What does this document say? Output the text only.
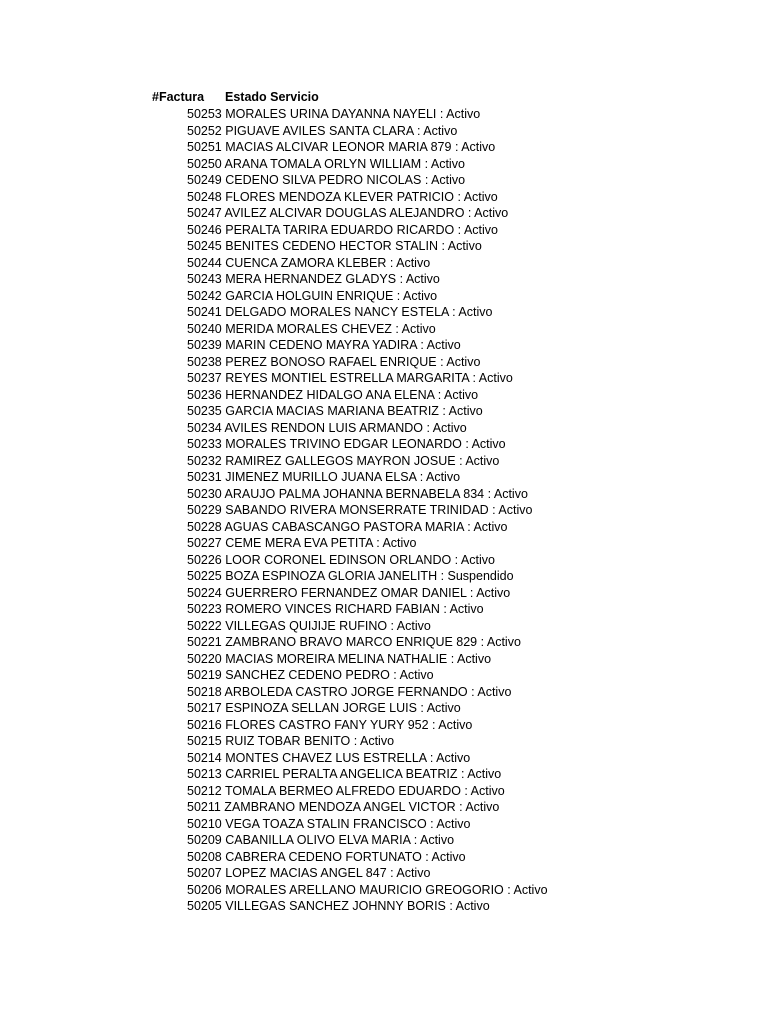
#Factura Estado Servicio
50253 MORALES URINA DAYANNA NAYELI : Activo
50252 PIGUAVE AVILES SANTA CLARA : Activo
50251 MACIAS ALCIVAR LEONOR MARIA 879 : Activo
50250 ARANA TOMALA ORLYN WILLIAM : Activo
50249 CEDENO SILVA PEDRO NICOLAS : Activo
50248 FLORES MENDOZA KLEVER PATRICIO : Activo
50247 AVILEZ ALCIVAR DOUGLAS ALEJANDRO : Activo
50246 PERALTA TARIRA EDUARDO RICARDO : Activo
50245 BENITES CEDENO HECTOR STALIN : Activo
50244 CUENCA ZAMORA KLEBER : Activo
50243 MERA HERNANDEZ GLADYS : Activo
50242 GARCIA HOLGUIN ENRIQUE : Activo
50241 DELGADO MORALES NANCY ESTELA : Activo
50240 MERIDA MORALES CHEVEZ : Activo
50239 MARIN CEDENO MAYRA YADIRA : Activo
50238 PEREZ BONOSO RAFAEL ENRIQUE : Activo
50237 REYES MONTIEL ESTRELLA MARGARITA : Activo
50236 HERNANDEZ HIDALGO ANA ELENA : Activo
50235 GARCIA MACIAS MARIANA BEATRIZ : Activo
50234 AVILES RENDON LUIS ARMANDO : Activo
50233 MORALES TRIVINO EDGAR LEONARDO : Activo
50232 RAMIREZ GALLEGOS MAYRON JOSUE : Activo
50231 JIMENEZ MURILLO JUANA ELSA : Activo
50230 ARAUJO PALMA JOHANNA BERNABELA 834 : Activo
50229 SABANDO RIVERA MONSERRATE TRINIDAD : Activo
50228 AGUAS CABASCANGO PASTORA MARIA : Activo
50227 CEME MERA EVA PETITA : Activo
50226 LOOR CORONEL EDINSON ORLANDO : Activo
50225 BOZA ESPINOZA GLORIA JANELITH : Suspendido
50224 GUERRERO FERNANDEZ OMAR DANIEL : Activo
50223 ROMERO VINCES RICHARD FABIAN : Activo
50222 VILLEGAS QUIJIJE RUFINO : Activo
50221 ZAMBRANO BRAVO MARCO ENRIQUE 829 : Activo
50220 MACIAS MOREIRA MELINA NATHALIE : Activo
50219 SANCHEZ CEDENO PEDRO : Activo
50218 ARBOLEDA CASTRO JORGE FERNANDO : Activo
50217 ESPINOZA SELLAN JORGE LUIS : Activo
50216 FLORES CASTRO FANY YURY 952 : Activo
50215 RUIZ TOBAR BENITO : Activo
50214 MONTES CHAVEZ LUS ESTRELLA : Activo
50213 CARRIEL PERALTA ANGELICA BEATRIZ : Activo
50212 TOMALA BERMEO ALFREDO EDUARDO : Activo
50211 ZAMBRANO MENDOZA ANGEL VICTOR : Activo
50210 VEGA TOAZA STALIN FRANCISCO : Activo
50209 CABANILLA OLIVO ELVA MARIA : Activo
50208 CABRERA CEDENO FORTUNATO : Activo
50207 LOPEZ MACIAS ANGEL 847 : Activo
50206 MORALES ARELLANO MAURICIO GREOGORIO : Activo
50205 VILLEGAS SANCHEZ JOHNNY BORIS : Activo
